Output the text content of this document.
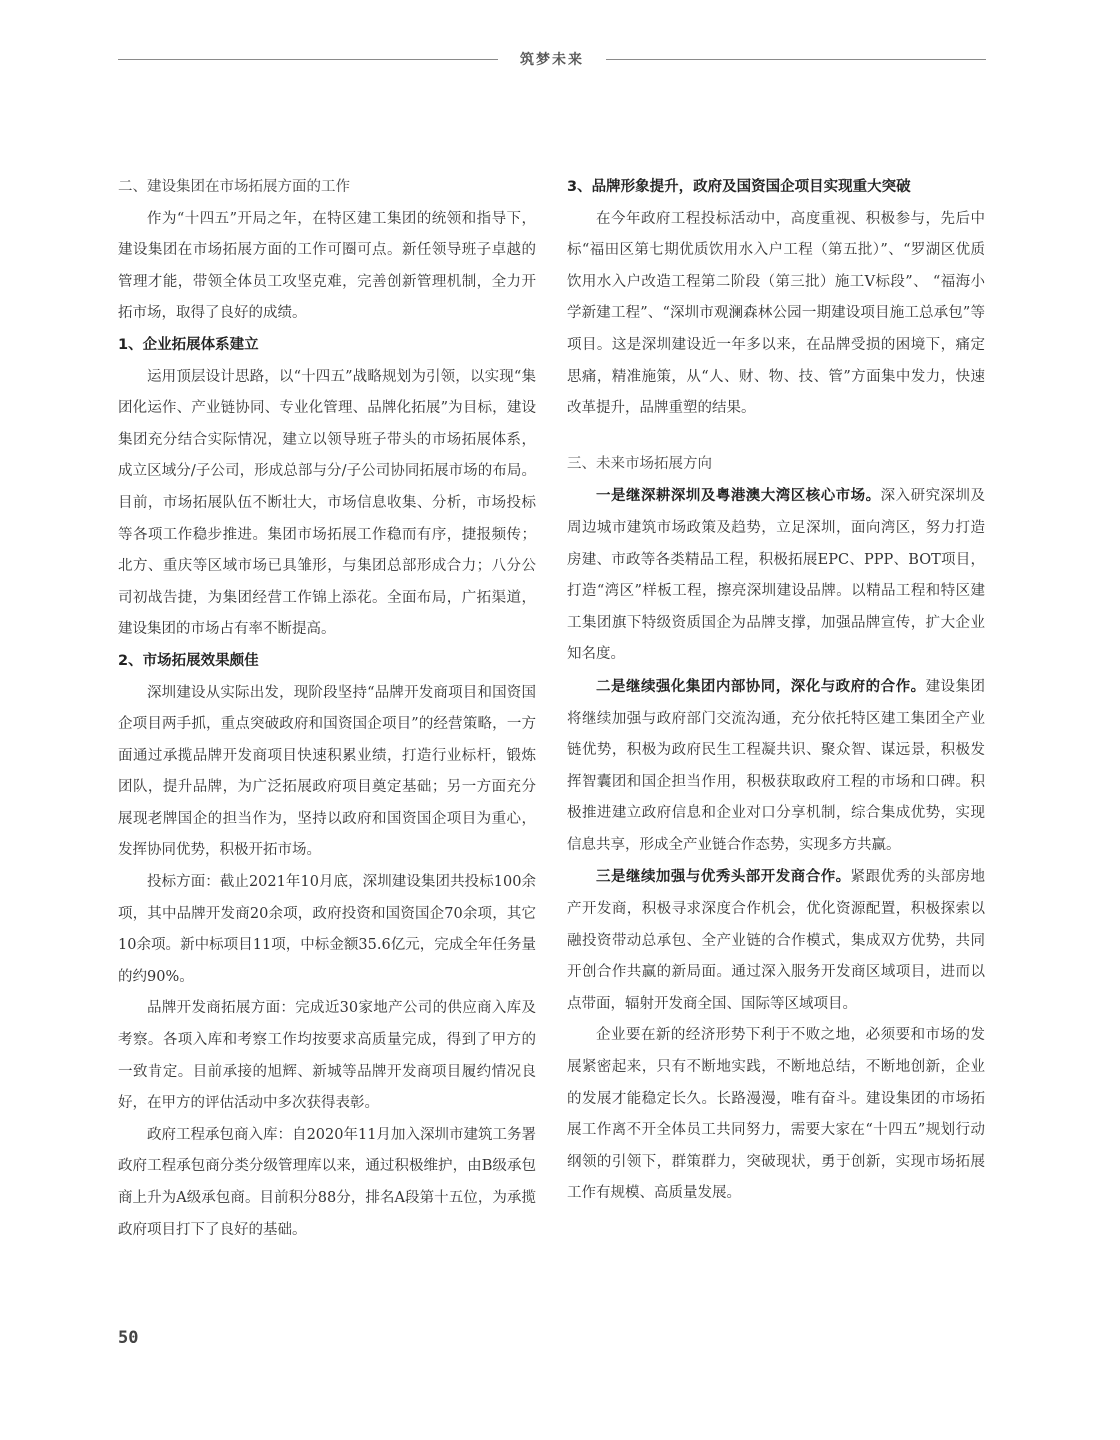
筑梦未来

二、建设集团在市场拓展方面的工作

作为“十四五”开局之年，在特区建工集团的统领和指导下，建设集团在市场拓展方面的工作可圈可点。新任领导班子卓越的管理才能，带领全体员工攻坚克难，完善创新管理机制，全力开拓市场，取得了良好的成绩。

1、企业拓展体系建立

运用顶层设计思路，以“十四五”战略规划为引领，以实现“集团化运作、产业链协同、专业化管理、品牌化拓展”为目标，建设集团充分结合实际情况，建立以领导班子带头的市场拓展体系，成立区域分/子公司，形成总部与分/子公司协同拓展市场的布局。目前，市场拓展队伍不断壮大，市场信息收集、分析，市场投标等各项工作稳步推进。集团市场拓展工作稳而有序，捷报频传；北方、重庆等区域市场已具雏形，与集团总部形成合力；八分公司初战告捷，为集团经营工作锦上添花。全面布局，广拓渠道，建设集团的市场占有率不断提高。

2、市场拓展效果颇佳

深圳建设从实际出发，现阶段坚持“品牌开发商项目和国资国企项目两手抓，重点突破政府和国资国企项目”的经营策略，一方面通过承揽品牌开发商项目快速积累业绩，打造行业标杆，锻炼团队，提升品牌，为广泛拓展政府项目奠定基础；另一方面充分展现老牌国企的担当作为，坚持以政府和国资国企项目为重心，发挥协同优势，积极开拓市场。

投标方面：截止2021年10月底，深圳建设集团共投标100余项，其中品牌开发商20余项，政府投资和国资国企70余项，其它10余项。新中标项目11项，中标金额35.6亿元，完成全年任务量的约90%。

品牌开发商拓展方面：完成近30家地产公司的供应商入库及考察。各项入库和考察工作均按要求高质量完成，得到了甲方的一致肯定。目前承接的旭辉、新城等品牌开发商项目履约情况良好，在甲方的评估活动中多次获得表彰。

政府工程承包商入库：自2020年11月加入深圳市建筑工务署政府工程承包商分类分级管理库以来，通过积极维护，由B级承包商上升为A级承包商。目前积分88分，排名A段第十五位，为承揽政府项目打下了良好的基础。

3、品牌形象提升，政府及国资国企项目实现重大突破

在今年政府工程投标活动中，高度重视、积极参与，先后中标“福田区第七期优质饮用水入户工程（第五批）”、“罗湖区优质饮用水入户改造工程第二阶段（第三批）施工Ⅴ标段”、 “福海小学新建工程”、“深圳市观澜森林公园一期建设项目施工总承包”等项目。这是深圳建设近一年多以来，在品牌受损的困境下，痛定思痛，精准施策，从“人、财、物、技、管”方面集中发力，快速改革提升，品牌重塑的结果。

三、未来市场拓展方向

一是继深耕深圳及粤港澳大湾区核心市场。深入研究深圳及周边城市建筑市场政策及趋势，立足深圳，面向湾区，努力打造房建、市政等各类精品工程，积极拓展EPC、PPP、BOT项目，打造“湾区”样板工程，擦亮深圳建设品牌。以精品工程和特区建工集团旗下特级资质国企为品牌支撑，加强品牌宣传，扩大企业知名度。

二是继续强化集团内部协同，深化与政府的合作。建设集团将继续加强与政府部门交流沟通，充分依托特区建工集团全产业链优势，积极为政府民生工程凝共识、聚众智、谋远景，积极发挥智囊团和国企担当作用，积极获取政府工程的市场和口碑。积极推进建立政府信息和企业对口分享机制，综合集成优势，实现信息共享，形成全产业链合作态势，实现多方共赢。

三是继续加强与优秀头部开发商合作。紧跟优秀的头部房地产开发商，积极寻求深度合作机会，优化资源配置，积极探索以融投资带动总承包、全产业链的合作模式，集成双方优势，共同开创合作共赢的新局面。通过深入服务开发商区域项目，进而以点带面，辐射开发商全国、国际等区域项目。

企业要在新的经济形势下利于不败之地，必须要和市场的发展紧密起来，只有不断地实践，不断地总结，不断地创新，企业的发展才能稳定长久。长路漫漫，唯有奋斗。建设集团的市场拓展工作离不开全体员工共同努力，需要大家在“十四五”规划行动纲领的引领下，群策群力，突破现状，勇于创新，实现市场拓展工作有规模、高质量发展。

50
